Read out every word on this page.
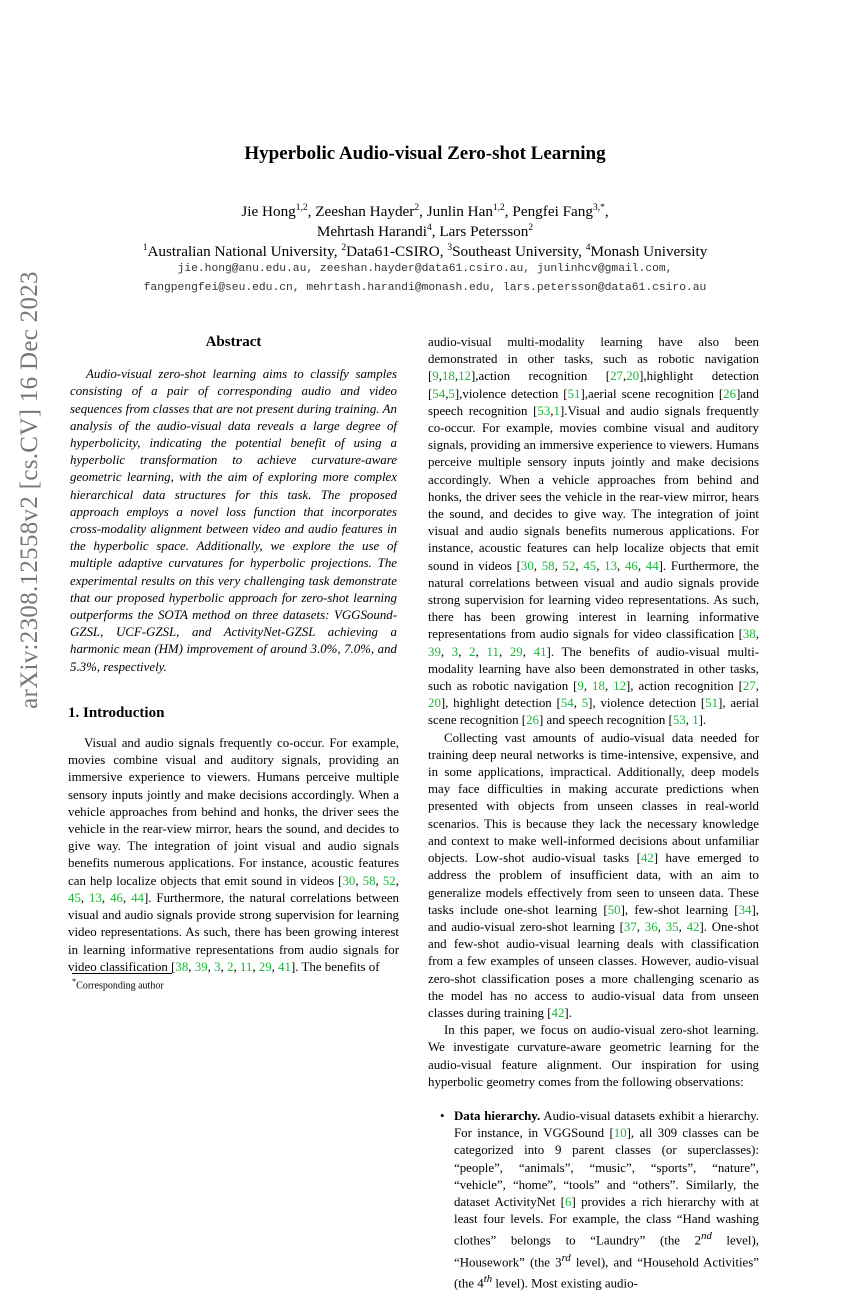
arXiv:2308.12558v2 [cs.CV] 16 Dec 2023
Hyperbolic Audio-visual Zero-shot Learning
Jie Hong$^{1,2}$, Zeeshan Hayder$^2$, Junlin Han$^{1,2}$, Pengfei Fang$^{3,*}$,
Mehrtash Harandi$^4$, Lars Petersson$^2$
$^1$Australian National University, $^2$Data61-CSIRO, $^3$Southeast University, $^4$Monash University
jie.hong@anu.edu.au, zeeshan.hayder@data61.csiro.au, junlinhcv@gmail.com,
fangpengfei@seu.edu.cn, mehrtash.harandi@monash.edu, lars.petersson@data61.csiro.au
Abstract

Audio-visual zero-shot learning aims to classify samples consisting of a pair of corresponding audio and video sequences from classes that are not present during training. An analysis of the audio-visual data reveals a large degree of hyperbolicity, indicating the potential benefit of using a hyperbolic transformation to achieve curvature-aware geometric learning, with the aim of exploring more complex hierarchical data structures for this task. The proposed approach employs a novel loss function that incorporates cross-modality alignment between video and audio features in the hyperbolic space. Additionally, we explore the use of multiple adaptive curvatures for hyperbolic projections. The experimental results on this very challenging task demonstrate that our proposed hyperbolic approach for zero-shot learning outperforms the SOTA method on three datasets: VGGSound-GZSL, UCF-GZSL, and ActivityNet-GZSL achieving a harmonic mean (HM) improvement of around 3.0%, 7.0%, and 5.3%, respectively.

1. Introduction

Visual and audio signals frequently co-occur. For example, movies combine visual and auditory signals, providing an immersive experience to viewers. Humans perceive multiple sensory inputs jointly and make decisions accordingly. When a vehicle approaches from behind and honks, the driver sees the vehicle in the rear-view mirror, hears the sound, and decides to give way. The integration of joint visual and audio signals benefits numerous applications. For instance, acoustic features can help localize objects that emit sound in videos [30, 58, 52, 45, 13, 46, 44]. Furthermore, the natural correlations between visual and audio signals provide strong supervision for learning video representations. As such, there has been growing interest in learning informative representations from audio signals for video classification [38, 39, 3, 2, 11, 29, 41]. The benefits of

audio-visual multi-modality learning have also been demonstrated in other tasks, such as robotic navigation [9,18,12],action recognition [27,20],highlight detection [54,5],violence detection [51],aerial scene recognition [26]and speech recognition [53,1].Visual and audio signals frequently co-occur. For example, movies combine visual and auditory signals, providing an immersive experience to viewers. Humans perceive multiple sensory inputs jointly and make decisions accordingly. When a vehicle approaches from behind and honks, the driver sees the vehicle in the rear-view mirror, hears the sound, and decides to give way. The integration of joint visual and audio signals benefits numerous applications. For instance, acoustic features can help localize objects that emit sound in videos [30, 58, 52, 45, 13, 46, 44]. Furthermore, the natural correlations between visual and audio signals provide strong supervision for learning video representations. As such, there has been growing interest in learning informative representations from audio signals for video classification [38, 39, 3, 2, 11, 29, 41]. The benefits of audio-visual multi-modality learning have also been demonstrated in other tasks, such as robotic navigation [9, 18, 12], action recognition [27, 20], highlight detection [54, 5], violence detection [51], aerial scene recognition [26] and speech recognition [53, 1].

Collecting vast amounts of audio-visual data needed for training deep neural networks is time-intensive, expensive, and in some applications, impractical. Additionally, deep models may face difficulties in making accurate predictions when presented with objects from unseen classes in real-world scenarios. This is because they lack the necessary knowledge and context to make well-informed decisions about unfamiliar objects. Low-shot audio-visual tasks [42] have emerged to address the problem of insufficient data, with an aim to generalize models effectively from seen to unseen data. These tasks include one-shot learning [50], few-shot learning [34], and audio-visual zero-shot learning [37, 36, 35, 42]. One-shot and few-shot audio-visual learning deals with classification from a few examples of unseen classes. However, audio-visual zero-shot classification poses a more challenging scenario as the model has no access to audio-visual data from unseen classes during training [42].

In this paper, we focus on audio-visual zero-shot learning. We investigate curvature-aware geometric learning for the audio-visual feature alignment. Our inspiration for using hyperbolic geometry comes from the following observations:

• Data hierarchy. Audio-visual datasets exhibit a hierarchy. For instance, in VGGSound [10], all 309 classes can be categorized into 9 parent classes (or superclasses): “people”, “animals”, “music”, “sports”, “nature”, “vehicle”, “home”, “tools” and “others”. Similarly, the dataset ActivityNet [6] provides a rich hierarchy with at least four levels. For example, the class “Hand washing clothes” belongs to “Laundry” (the 2nd level), “Housework” (the 3rd level), and “Household Activities” (the 4th level). Most existing audio-

*Corresponding author
